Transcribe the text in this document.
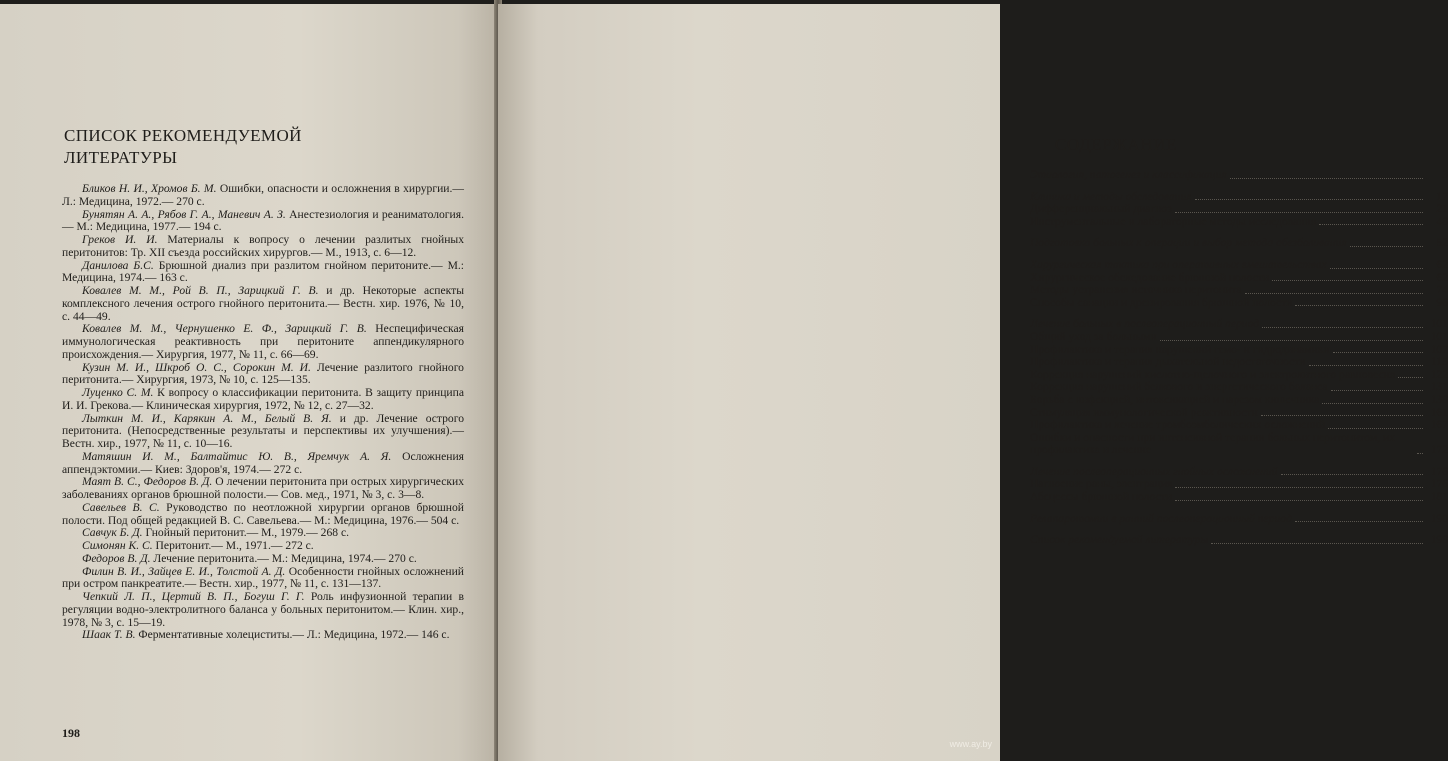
СПИСОК РЕКОМЕНДУЕМОЙ
ЛИТЕРАТУРЫ

Бликов Н. И., Хромов Б. М. Ошибки, опасности и осложнения в хирургии.— Л.: Медицина, 1972.— 270 с.

Бунятян А. А., Рябов Г. А., Маневич А. З. Анестезиология и реаниматология.— М.: Медицина, 1977.— 194 с.

Греков И. И. Материалы к вопросу о лечении разлитых гнойных перитонитов: Тр. XII съезда российских хирургов.— М., 1913, с. 6—12.

Данилова Б.С. Брюшной диализ при разлитом гнойном перитоните.— М.: Медицина, 1974.— 163 с.

Ковалев М. М., Рой В. П., Зарицкий Г. В. и др. Некоторые аспекты комплексного лечения острого гнойного перитонита.— Вестн. хир. 1976, № 10, с. 44—49.

Ковалев М. М., Чернушенко Е. Ф., Зарицкий Г. В. Неспецифическая иммунологическая реактивность при перитоните аппендикулярного происхождения.— Хирургия, 1977, № 11, с. 66—69.

Кузин М. И., Шкроб О. С., Сорокин М. И. Лечение разлитого гнойного перитонита.— Хирургия, 1973, № 10, с. 125—135.

Луценко С. М. К вопросу о классификации перитонита. В защиту принципа И. И. Грекова.— Клиническая хирургия, 1972, № 12, с. 27—32.

Лыткин М. И., Карякин А. М., Белый В. Я. и др. Лечение острого перитонита. (Непосредственные результаты и перспективы их улучшения).— Вестн. хир., 1977, № 11, с. 10—16.

Матяшин И. М., Балтайтис Ю. В., Яремчук А. Я. Осложнения аппендэктомии.— Киев: Здоров'я, 1974.— 272 с.

Маят В. С., Федоров В. Д. О лечении перитонита при острых хирургических заболеваниях органов брюшной полости.— Сов. мед., 1971, № 3, с. 3—8.

Савельев В. С. Руководство по неотложной хирургии органов брюшной полости. Под общей редакцией В. С. Савельева.— М.: Медицина, 1976.— 504 с.

Савчук Б. Д. Гнойный перитонит.— М., 1979.— 268 с.

Симонян К. С. Перитонит.— М., 1971.— 272 с.

Федоров В. Д. Лечение перитонита.— М.: Медицина, 1974.— 270 с.

Филин В. И., Зайцев Е. И., Толстой А. Д. Особенности гнойных осложнений при остром панкреатите.— Вестн. хир., 1977, № 11, с. 131—137.

Чепкий Л. П., Цертий В. П., Богуш Г. Г. Роль инфузионной терапии в регуляции водно-электролитного баланса у больных перитонитом.— Клин. хир., 1978, № 3, с. 15—19.

Шаак Т. В. Ферментативные холециститы.— Л.: Медицина, 1972.— 146 с.

198
СОДЕРЖАНИЕ
Этиология, патогенез и классификация	3
Клиника и методы обследования	17
Дифференциальный диагноз	21
Инструментальные и лабораторные методы исследования	48
Подготовка больных к операции и выбор метода обезболивания	52
Хирургическая тактика при оперативных вмешательствах	62
Хирургическое обследование брюшной полости	62
Методы устранения источника перитонита	74
Способы санации и дренирования брюшной полости	96
Лечение больных в послеоперационный период	101
Общий уход за больными	101
Профилактика и терапия нарушений гемо- и гидродинамики	107
Профилактика и терапия дыхательной недостаточности	115
Коррекция нарушений кислотно-щелочного и электролитного равновесия	122
Коррекция нарушений белкового и энергетического баланса	131
Борьба с инфекцией, интоксикацией и парезом кишечника	138
Стимуляция иммунологической реактивности	161
Профилактика и лечение тромбоэмболических осложнений	167
Ошибки и опасности при интенсивной терапии больных перитонитом, их профилактика и лечение	172
Лечение послеоперационных гнойных осложнений	176
Нагноение раны, эвентрация	176
Абсцессы брюшной полости	181
Релапаротомии в ранний послеоперационный период	190
Список рекомендуемой литературы	198
www.ay.by
